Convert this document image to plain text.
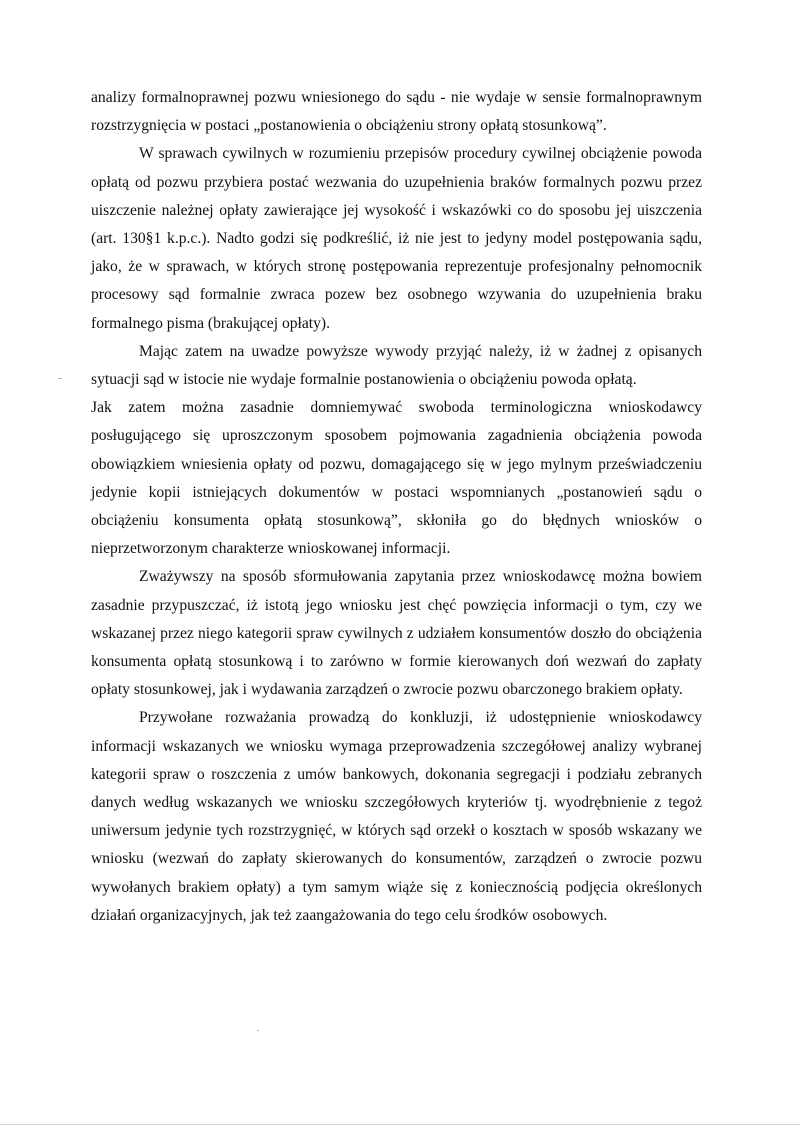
analizy formalnoprawnej pozwu wniesionego do sądu - nie wydaje w sensie formalnoprawnym rozstrzygnięcia w postaci „postanowienia o obciążeniu strony opłatą stosunkową”.

W sprawach cywilnych w rozumieniu przepisów procedury cywilnej obciążenie powoda opłatą od pozwu przybiera postać wezwania do uzupełnienia braków formalnych pozwu przez uiszczenie należnej opłaty zawierające jej wysokość i wskazówki co do sposobu jej uiszczenia (art. 130§1 k.p.c.). Nadto godzi się podkreślić, iż nie jest to jedyny model postępowania sądu, jako, że w sprawach, w których stronę postępowania reprezentuje profesjonalny pełnomocnik procesowy sąd formalnie zwraca pozew bez osobnego wzywania do uzupełnienia braku formalnego pisma (brakującej opłaty).

Mając zatem na uwadze powyższe wywody przyjąć należy, iż w żadnej z opisanych sytuacji sąd w istocie nie wydaje formalnie postanowienia o obciążeniu powoda opłatą.

Jak zatem można zasadnie domniemywać swoboda terminologiczna wnioskodawcy posługującego się uproszczonym sposobem pojmowania zagadnienia obciążenia powoda obowiązkiem wniesienia opłaty od pozwu, domagającego się w jego mylnym przeświadczeniu jedynie kopii istniejących dokumentów w postaci wspomnianych „postanowień sądu o obciążeniu konsumenta opłatą stosunkową”, skłoniła go do błędnych wniosków o nieprzetworzonym charakterze wnioskowanej informacji.

Zważywszy na sposób sformułowania zapytania przez wnioskodawcę można bowiem zasadnie przypuszczać, iż istotą jego wniosku jest chęć powzięcia informacji o tym, czy we wskazanej przez niego kategorii spraw cywilnych z udziałem konsumentów doszło do obciążenia konsumenta opłatą stosunkową i to zarówno w formie kierowanych doń wezwań do zapłaty opłaty stosunkowej, jak i wydawania zarządzeń o zwrocie pozwu obarczonego brakiem opłaty.

Przywołane rozważania prowadzą do konkluzji, iż udostępnienie wnioskodawcy informacji wskazanych we wniosku wymaga przeprowadzenia szczegółowej analizy wybranej kategorii spraw o roszczenia z umów bankowych, dokonania segregacji i podziału zebranych danych według wskazanych we wniosku szczegółowych kryteriów tj. wyodrębnienie z tegoż uniwersum jedynie tych rozstrzygnięć, w których sąd orzekł o kosztach w sposób wskazany we wniosku (wezwań do zapłaty skierowanych do konsumentów, zarządzeń o zwrocie pozwu wywołanych brakiem opłaty) a tym samym wiąże się z koniecznością podjęcia określonych działań organizacyjnych, jak też zaangażowania do tego celu środków osobowych.
